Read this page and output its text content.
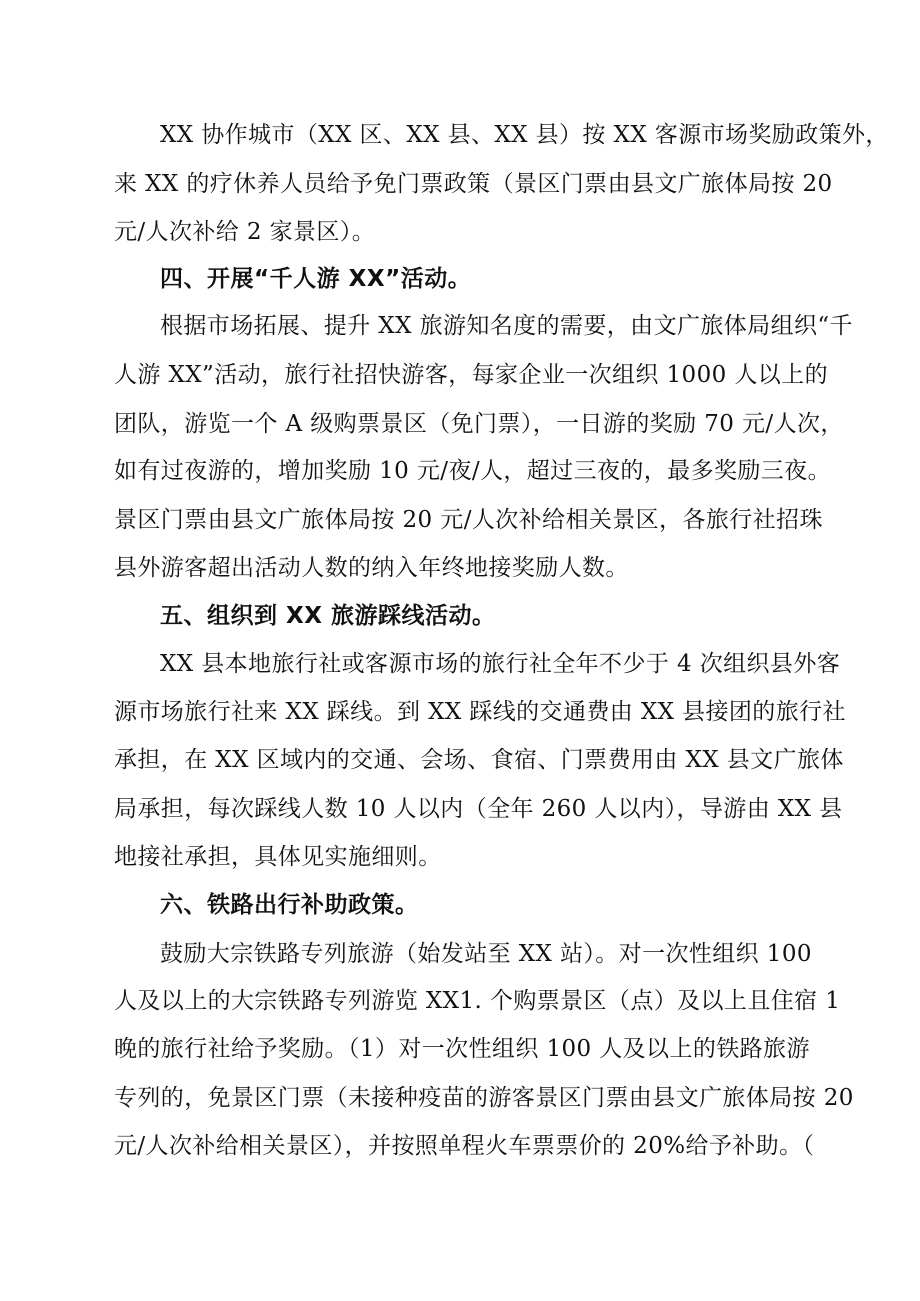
XX 协作城市（XX 区、XX 县、XX 县）按 XX 客源市场奖励政策外，
来 XX 的疗休养人员给予免门票政策（景区门票由县文广旅体局按 20
元/人次补给 2 家景区）。
四、开展“千人游 XX”活动。
根据市场拓展、提升 XX 旅游知名度的需要，由文广旅体局组织“千
人游 XX”活动，旅行社招快游客，每家企业一次组织 1000 人以上的
团队，游览一个 A 级购票景区（免门票），一日游的奖励 70 元/人次，
如有过夜游的，增加奖励 10 元/夜/人，超过三夜的，最多奖励三夜。
景区门票由县文广旅体局按 20 元/人次补给相关景区，各旅行社招珠
县外游客超出活动人数的纳入年终地接奖励人数。
五、组织到 XX 旅游踩线活动。
XX 县本地旅行社或客源市场的旅行社全年不少于 4 次组织县外客
源市场旅行社来 XX 踩线。到 XX 踩线的交通费由 XX 县接团的旅行社
承担，在 XX 区域内的交通、会场、食宿、门票费用由 XX 县文广旅体
局承担，每次踩线人数 10 人以内（全年 260 人以内），导游由 XX 县
地接社承担，具体见实施细则。
六、铁路出行补助政策。
鼓励大宗铁路专列旅游（始发站至 XX 站）。对一次性组织 100
人及以上的大宗铁路专列游览 XX1. 个购票景区（点）及以上且住宿 1
晚的旅行社给予奖励。（1）对一次性组织 100 人及以上的铁路旅游
专列的，免景区门票（未接种疫苗的游客景区门票由县文广旅体局按 20
元/人次补给相关景区），并按照单程火车票票价的 20%给予补助。（
